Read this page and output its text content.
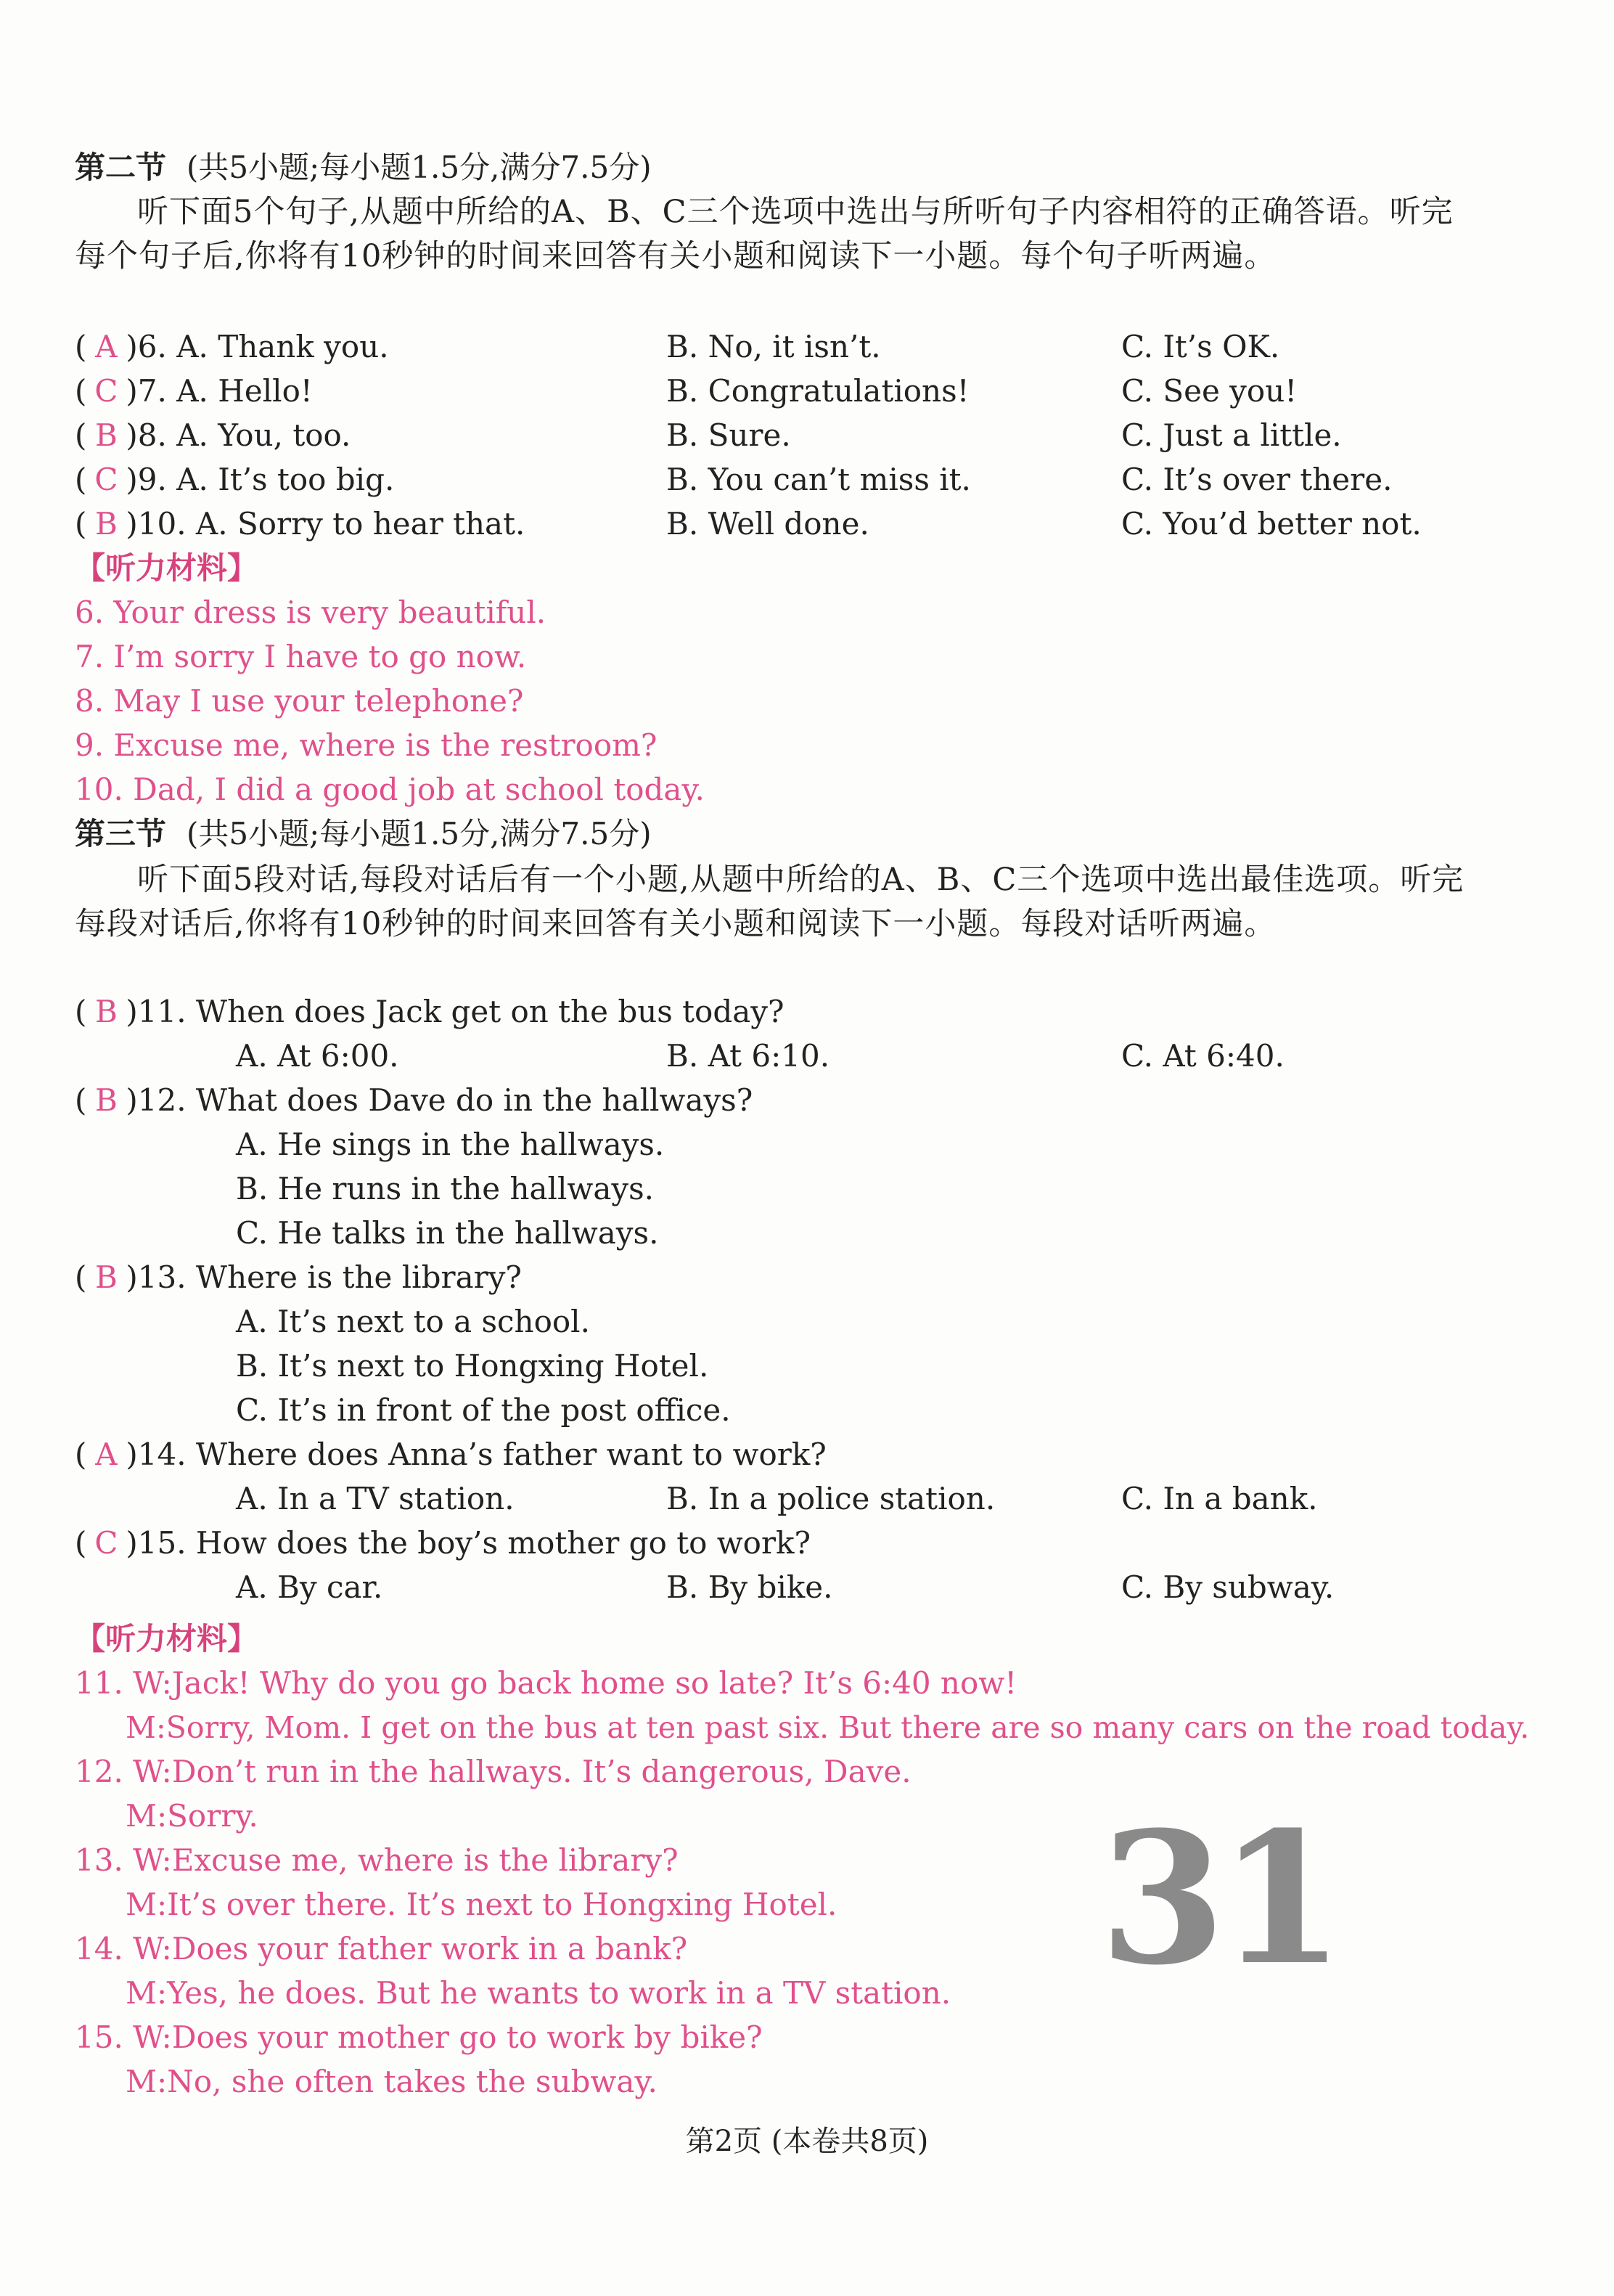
第二节 (共5小题;每小题1.5分,满分7.5分)
听下面5个句子,从题中所给的A、B、C三个选项中选出与所听句子内容相符的正确答语。听完每个句子后,你将有10秒钟的时间来回答有关小题和阅读下一小题。每个句子听两遍。
( A )6. A. Thank you.	B. No, it isn’t.	C. It’s OK.
( C )7. A. Hello!	B. Congratulations!	C. See you!
( B )8. A. You, too.	B. Sure.	C. Just a little.
( C )9. A. It’s too big.	B. You can’t miss it.	C. It’s over there.
( B )10. A. Sorry to hear that.	B. Well done.	C. You’d better not.
【听力材料】
6. Your dress is very beautiful.
7. I’m sorry I have to go now.
8. May I use your telephone?
9. Excuse me, where is the restroom?
10. Dad, I did a good job at school today.
第三节 (共5小题;每小题1.5分,满分7.5分)
听下面5段对话,每段对话后有一个小题,从题中所给的A、B、C三个选项中选出最佳选项。听完每段对话后,你将有10秒钟的时间来回答有关小题和阅读下一小题。每段对话听两遍。
( B )11. When does Jack get on the bus today?
A. At 6:00.	B. At 6:10.	C. At 6:40.
( B )12. What does Dave do in the hallways?
A. He sings in the hallways.
B. He runs in the hallways.
C. He talks in the hallways.
( B )13. Where is the library?
A. It’s next to a school.
B. It’s next to Hongxing Hotel.
C. It’s in front of the post office.
( A )14. Where does Anna’s father want to work?
A. In a TV station.	B. In a police station.	C. In a bank.
( C )15. How does the boy’s mother go to work?
A. By car.	B. By bike.	C. By subway.
【听力材料】
11. W:Jack! Why do you go back home so late? It’s 6:40 now!
M:Sorry, Mom. I get on the bus at ten past six. But there are so many cars on the road today.
12. W:Don’t run in the hallways. It’s dangerous, Dave.
M:Sorry.
13. W:Excuse me, where is the library?
M:It’s over there. It’s next to Hongxing Hotel.
14. W:Does your father work in a bank?
M:Yes, he does. But he wants to work in a TV station.
15. W:Does your mother go to work by bike?
M:No, she often takes the subway.
31
第2页 (本卷共8页)
